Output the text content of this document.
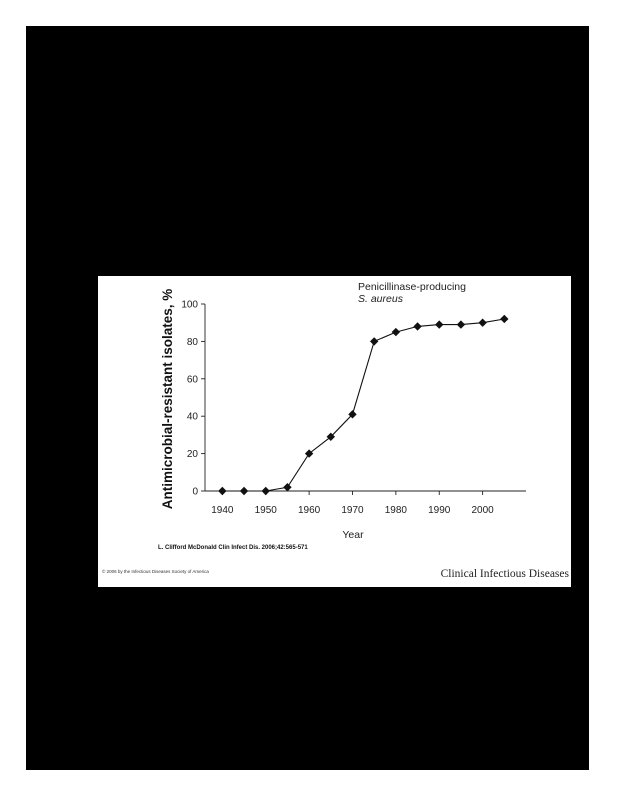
0
20
40
60
80
100
1940 1950 1960 1970 1980 1990 2000
Penicillinase-producing
S. aureus
Year
Antimicrobial-resistant isolates, %
L. Clifford McDonald Clin Infect Dis. 2006;42:565-571
© 2006 by the Infectious Diseases Society of America	Clinical Infectious Diseases
